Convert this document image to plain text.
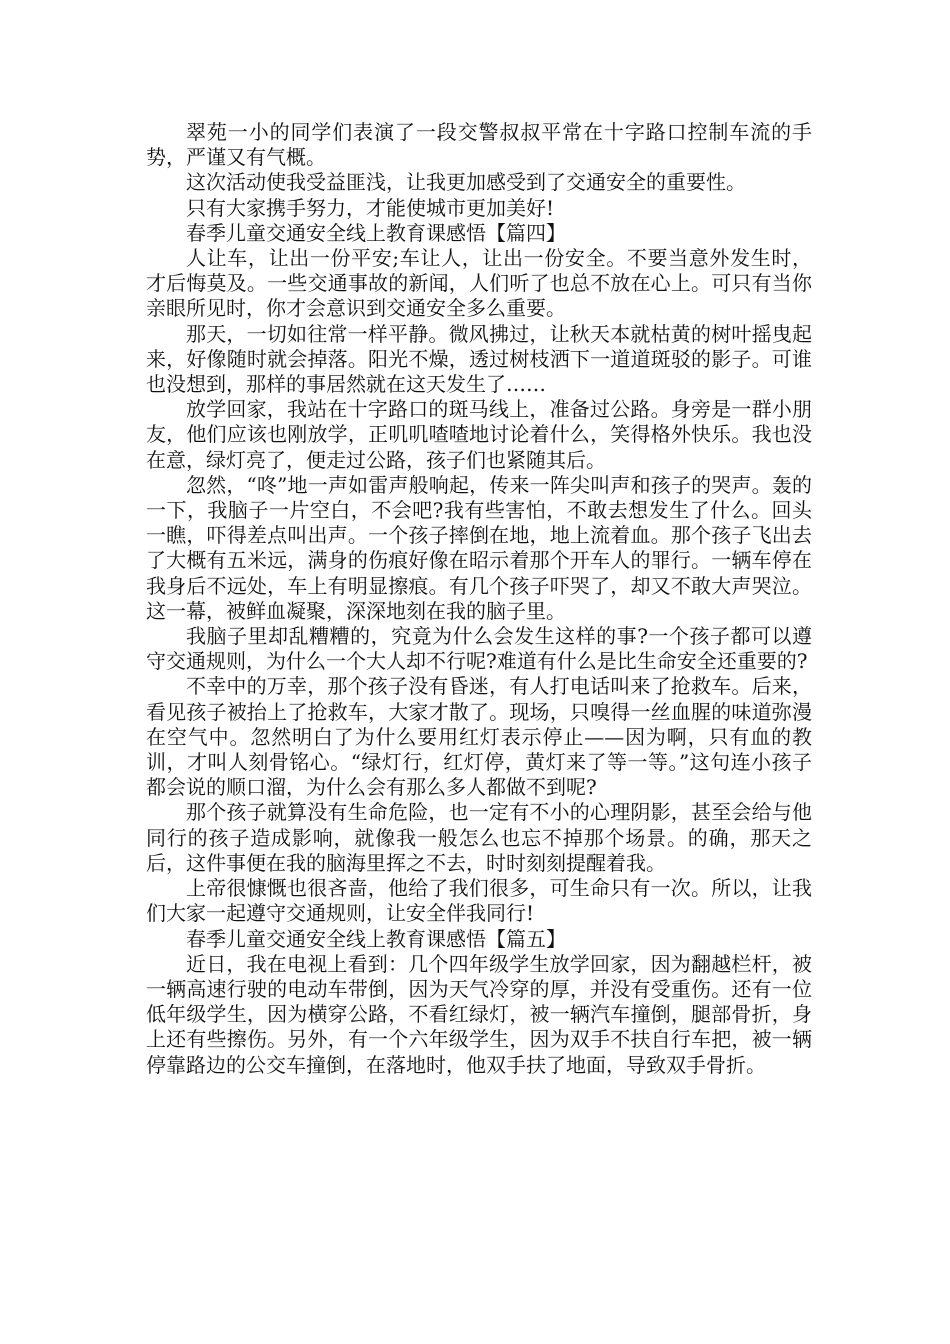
翠苑一小的同学们表演了一段交警叔叔平常在十字路口控制车流的手势，严谨又有气概。

这次活动使我受益匪浅，让我更加感受到了交通安全的重要性。

只有大家携手努力，才能使城市更加美好!

春季儿童交通安全线上教育课感悟【篇四】

人让车，让出一份平安;车让人，让出一份安全。不要当意外发生时，才后悔莫及。一些交通事故的新闻，人们听了也总不放在心上。可只有当你亲眼所见时，你才会意识到交通安全多么重要。

那天，一切如往常一样平静。微风拂过，让秋天本就枯黄的树叶摇曳起来，好像随时就会掉落。阳光不燥，透过树枝洒下一道道斑驳的影子。可谁也没想到，那样的事居然就在这天发生了……

放学回家，我站在十字路口的斑马线上，准备过公路。身旁是一群小朋友，他们应该也刚放学，正叽叽喳喳地讨论着什么，笑得格外快乐。我也没在意，绿灯亮了，便走过公路，孩子们也紧随其后。

忽然，“咚”地一声如雷声般响起，传来一阵尖叫声和孩子的哭声。轰的一下，我脑子一片空白，不会吧?我有些害怕，不敢去想发生了什么。回头一瞧，吓得差点叫出声。一个孩子摔倒在地，地上流着血。那个孩子飞出去了大概有五米远，满身的伤痕好像在昭示着那个开车人的罪行。一辆车停在我身后不远处，车上有明显擦痕。有几个孩子吓哭了，却又不敢大声哭泣。这一幕，被鲜血凝聚，深深地刻在我的脑子里。

我脑子里却乱糟糟的，究竟为什么会发生这样的事?一个孩子都可以遵守交通规则，为什么一个大人却不行呢?难道有什么是比生命安全还重要的?

不幸中的万幸，那个孩子没有昏迷，有人打电话叫来了抢救车。后来，看见孩子被抬上了抢救车，大家才散了。现场，只嗅得一丝血腥的味道弥漫在空气中。忽然明白了为什么要用红灯表示停止——因为啊，只有血的教训，才叫人刻骨铭心。“绿灯行，红灯停，黄灯来了等一等。”这句连小孩子都会说的顺口溜，为什么会有那么多人都做不到呢?

那个孩子就算没有生命危险，也一定有不小的心理阴影，甚至会给与他同行的孩子造成影响，就像我一般怎么也忘不掉那个场景。的确，那天之后，这件事便在我的脑海里挥之不去，时时刻刻提醒着我。

上帝很慷慨也很吝啬，他给了我们很多，可生命只有一次。所以，让我们大家一起遵守交通规则，让安全伴我同行!

春季儿童交通安全线上教育课感悟【篇五】

近日，我在电视上看到：几个四年级学生放学回家，因为翻越栏杆，被一辆高速行驶的电动车带倒，因为天气冷穿的厚，并没有受重伤。还有一位低年级学生，因为横穿公路，不看红绿灯，被一辆汽车撞倒，腿部骨折，身上还有些擦伤。另外，有一个六年级学生，因为双手不扶自行车把，被一辆停靠路边的公交车撞倒，在落地时，他双手扶了地面，导致双手骨折。
